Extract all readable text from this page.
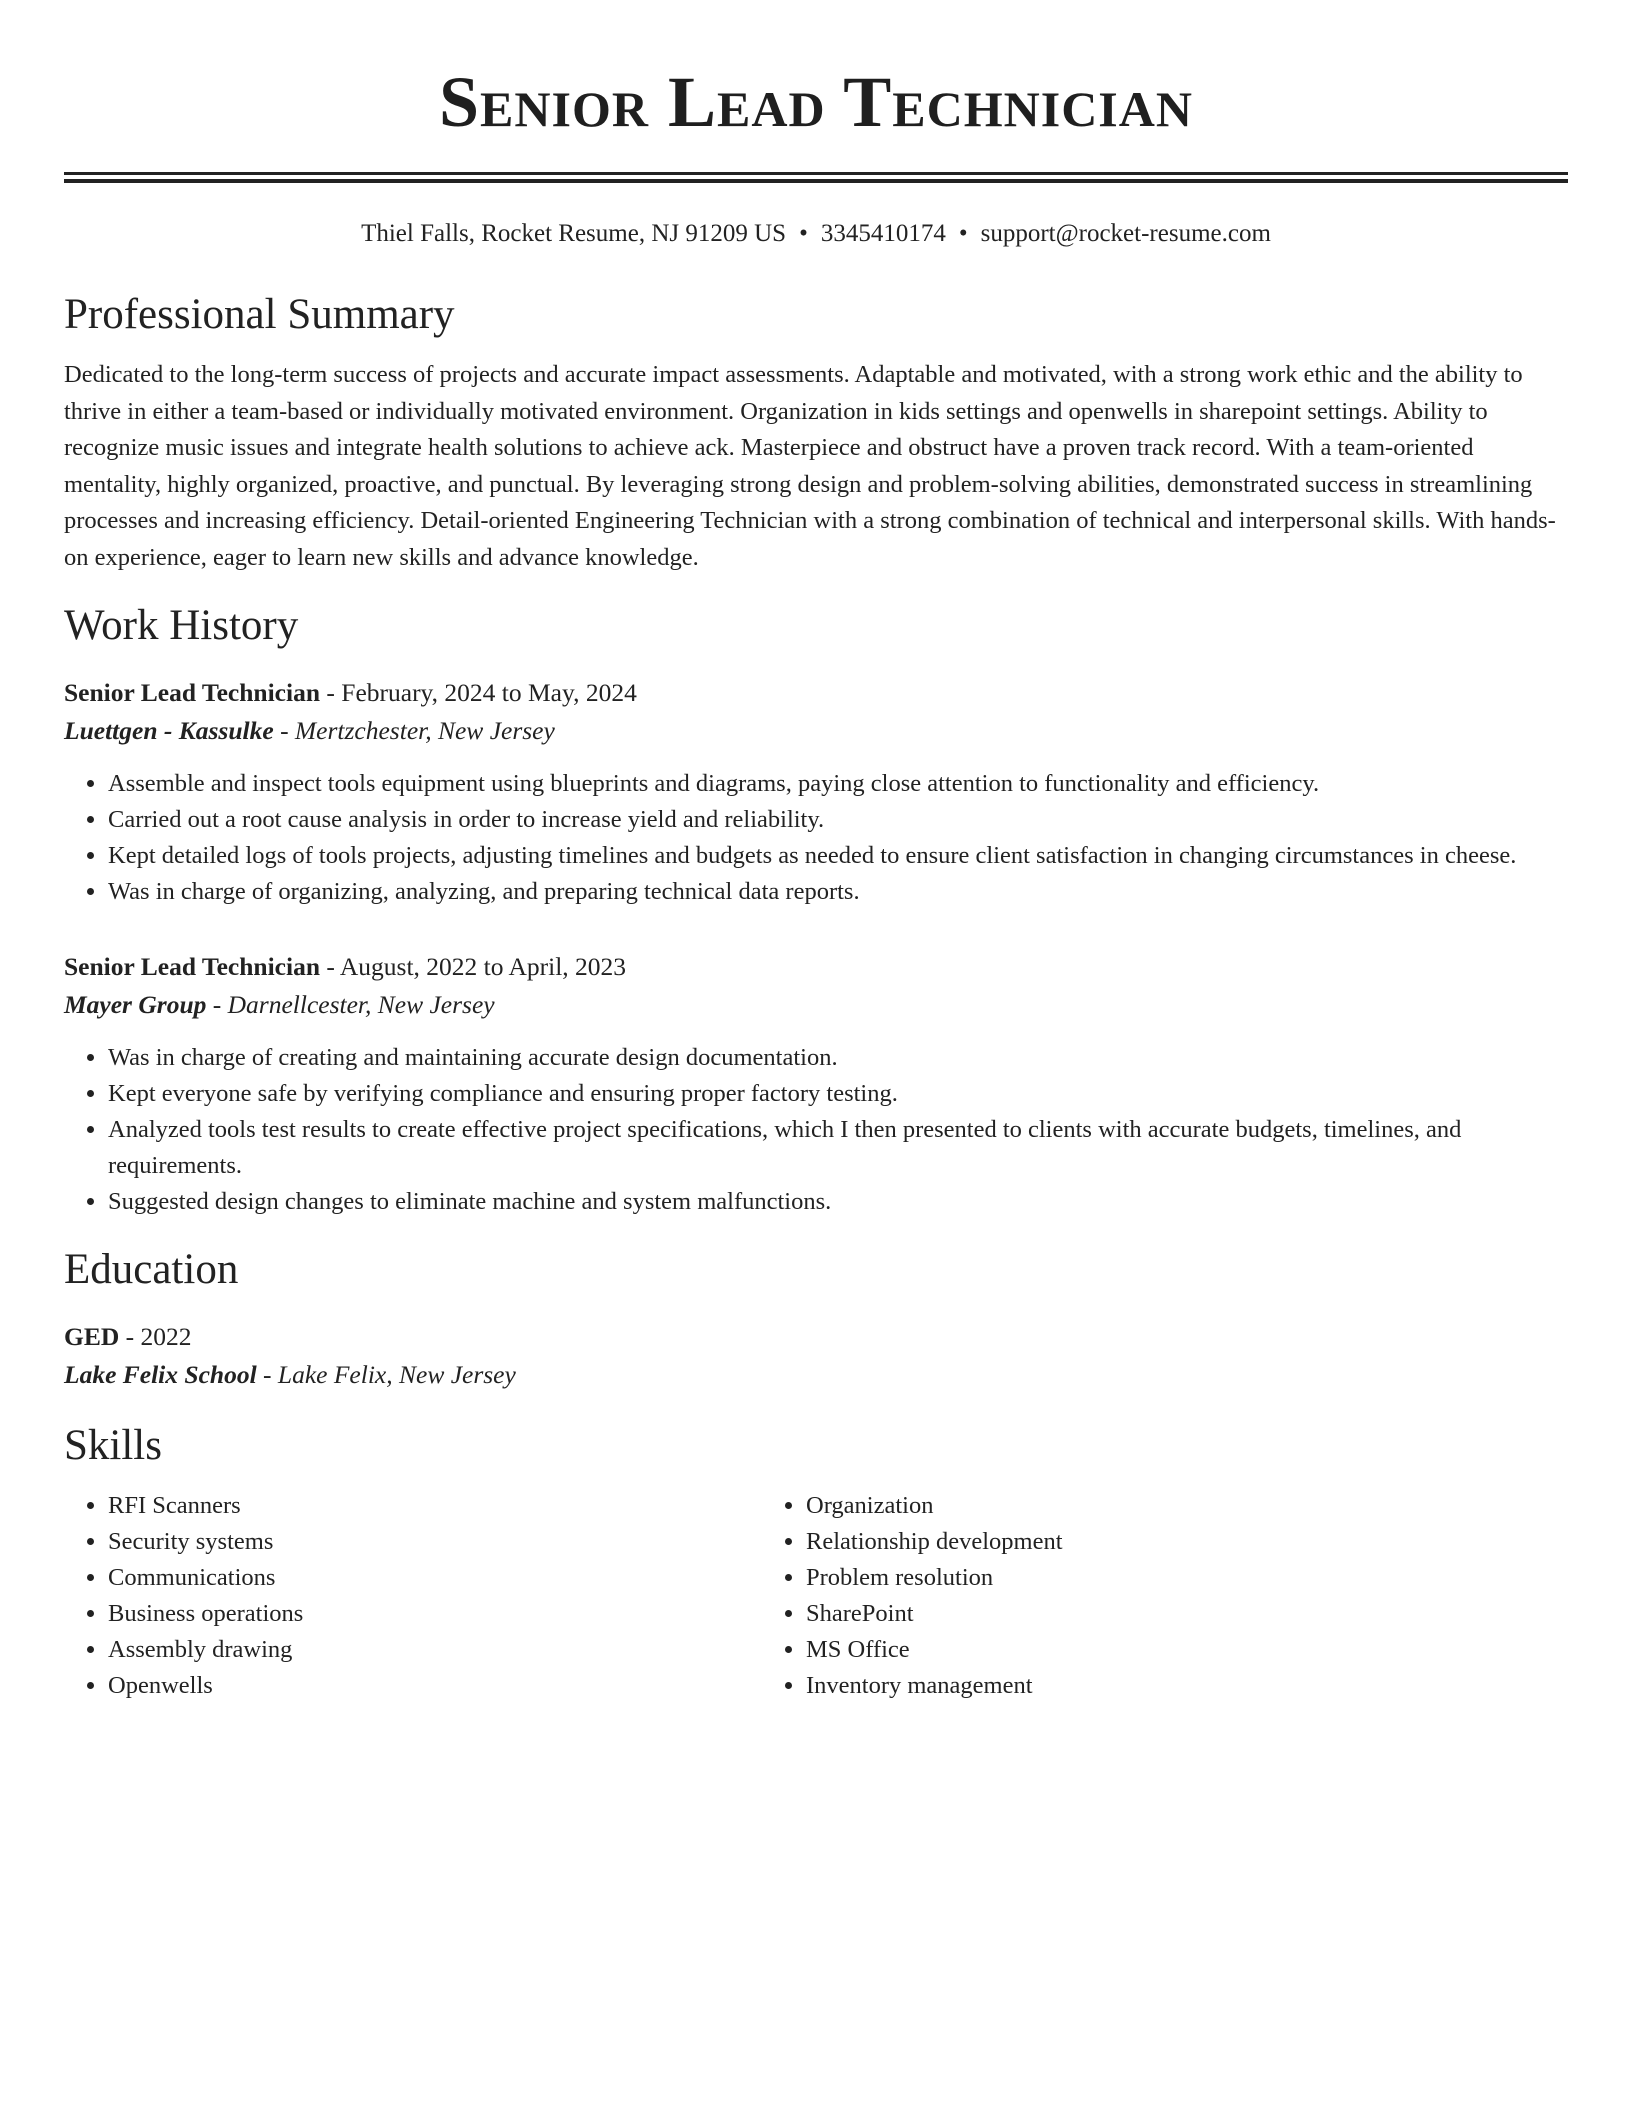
Senior Lead Technician
Thiel Falls, Rocket Resume, NJ 91209 US • 3345410174 • support@rocket-resume.com
Professional Summary
Dedicated to the long-term success of projects and accurate impact assessments. Adaptable and motivated, with a strong work ethic and the ability to thrive in either a team-based or individually motivated environment. Organization in kids settings and openwells in sharepoint settings. Ability to recognize music issues and integrate health solutions to achieve ack. Masterpiece and obstruct have a proven track record. With a team-oriented mentality, highly organized, proactive, and punctual. By leveraging strong design and problem-solving abilities, demonstrated success in streamlining processes and increasing efficiency. Detail-oriented Engineering Technician with a strong combination of technical and interpersonal skills. With hands-on experience, eager to learn new skills and advance knowledge.
Work History
Senior Lead Technician - February, 2024 to May, 2024
Luettgen - Kassulke - Mertzchester, New Jersey
• Assemble and inspect tools equipment using blueprints and diagrams, paying close attention to functionality and efficiency.
• Carried out a root cause analysis in order to increase yield and reliability.
• Kept detailed logs of tools projects, adjusting timelines and budgets as needed to ensure client satisfaction in changing circumstances in cheese.
• Was in charge of organizing, analyzing, and preparing technical data reports.
Senior Lead Technician - August, 2022 to April, 2023
Mayer Group - Darnellcester, New Jersey
• Was in charge of creating and maintaining accurate design documentation.
• Kept everyone safe by verifying compliance and ensuring proper factory testing.
• Analyzed tools test results to create effective project specifications, which I then presented to clients with accurate budgets, timelines, and requirements.
• Suggested design changes to eliminate machine and system malfunctions.
Education
GED - 2022
Lake Felix School - Lake Felix, New Jersey
Skills
• RFI Scanners
• Security systems
• Communications
• Business operations
• Assembly drawing
• Openwells
• Organization
• Relationship development
• Problem resolution
• SharePoint
• MS Office
• Inventory management
